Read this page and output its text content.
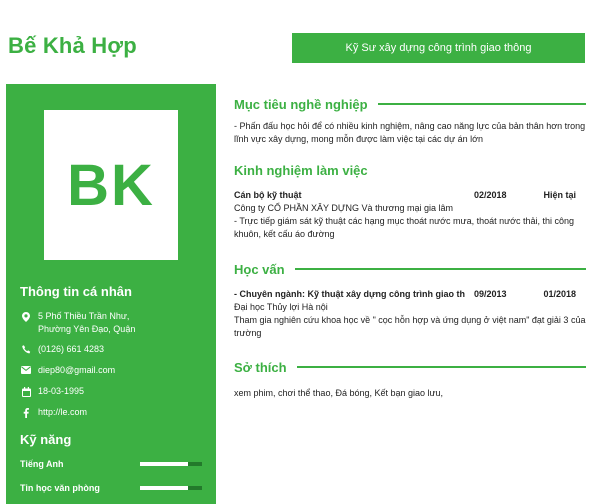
Bế Khả Hợp	Kỹ Sư xây dựng công trình giao thông
BK
Thông tin cá nhân
5 Phố Thiều Trần Như,
Phường Yên Đạo, Quận
(0126) 661 4283
diep80@gmail.com
18-03-1995
http://le.com
Kỹ năng
Tiếng Anh
Tin học văn phòng
Mục tiêu nghề nghiệp

- Phấn đấu học hỏi để có nhiều kinh nghiệm, nâng cao năng lực của bản thân hơn trong lĩnh vực xây dựng, mong mỗn được làm việc tại các dự án lớn

Kinh nghiệm làm việc
Cán bộ kỹ thuật	02/2018	Hiện tại

Công ty CỔ PHẦN XÂY DỰNG Và thương mại gia lâm

- Trực tiếp giám sát kỹ thuật các hạng mục thoát nước mưa, thoát nước thải, thi công khuôn, kết cấu áo đường

Học vấn
- Chuyên ngành: Kỹ thuật xây dựng công trình giao th 09/2013	01/2018

Đại học Thủy lợi Hà nội

Tham gia nghiên cứu khoa học về " cọc hỗn hợp và ứng dụng ở việt nam" đạt giải 3 của trường

Sở thích

xem phim, chơi thể thao, Đá bóng, Kết bạn giao lưu,
